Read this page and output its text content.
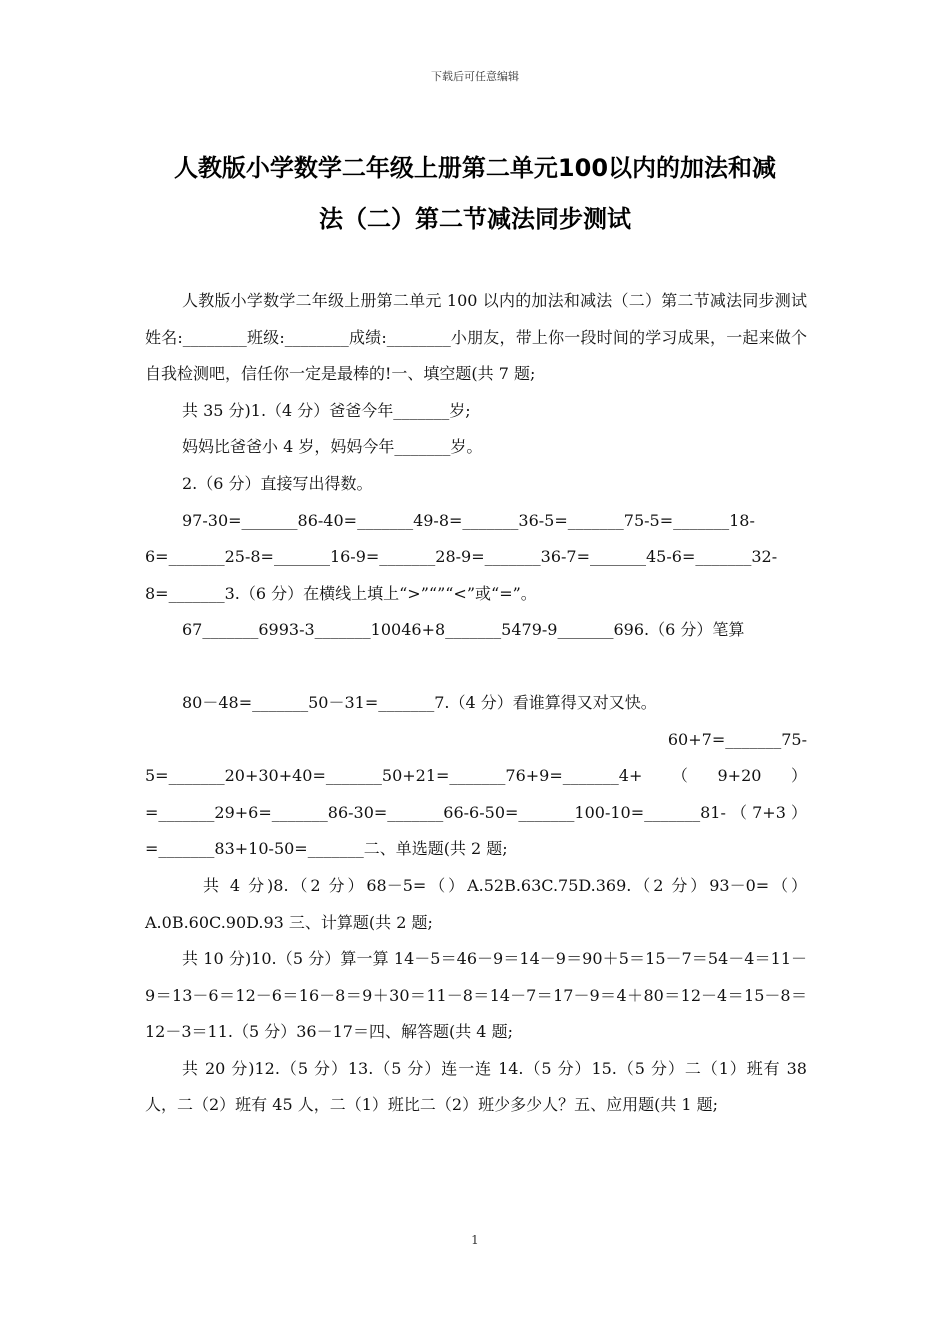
下载后可任意编辑
人教版小学数学二年级上册第二单元100以内的加法和减
法（二）第二节减法同步测试

人教版小学数学二年级上册第二单元 100 以内的加法和减法（二）第二节减法同步测试姓名:________班级:________成绩:________小朋友，带上你一段时间的学习成果，一起来做个自我检测吧，信任你一定是最棒的!一、填空题(共 7 题;

共 35 分)1.（4 分）爸爸今年_______岁;

妈妈比爸爸小 4 岁，妈妈今年_______岁。

2.（6 分）直接写出得数。

97-30=_______86-40=_______49-8=_______36-5=_______75-5=_______18-6=_______25-8=_______16-9=_______28-9=_______36-7=_______45-6=_______32-8=_______3.（6 分）在横线上填上“>”“”“<”或“=”。

67_______6993-3_______10046+8_______5479-9_______696.（6 分）笔算

80－48=_______50－31=_______7.（4 分）看谁算得又对又快。

60+7=_______75-

5=_______20+30+40=_______50+21=_______76+9=_______4+（9+20）=_______29+6=_______86-30=_______66-6-50=_______100-10=_______81-（7+3）=_______83+10-50=_______二、单选题(共 2 题;

共 4 分)8.（2 分）68－5=（）A.52B.63C.75D.369.（2 分）93－0=（）A.0B.60C.90D.93 三、计算题(共 2 题;

共 10 分)10.（5 分）算一算 14－5＝46－9＝14－9＝90＋5＝15－7＝54－4＝11－9＝13－6＝12－6＝16－8＝9＋30＝11－8＝14－7＝17－9＝4＋80＝12－4＝15－8＝12－3＝11.（5 分）36－17＝四、解答题(共 4 题;

共 20 分)12.（5 分）13.（5 分）连一连 14.（5 分）15.（5 分）二（1）班有 38 人，二（2）班有 45 人，二（1）班比二（2）班少多少人？五、应用题(共 1 题;

1
